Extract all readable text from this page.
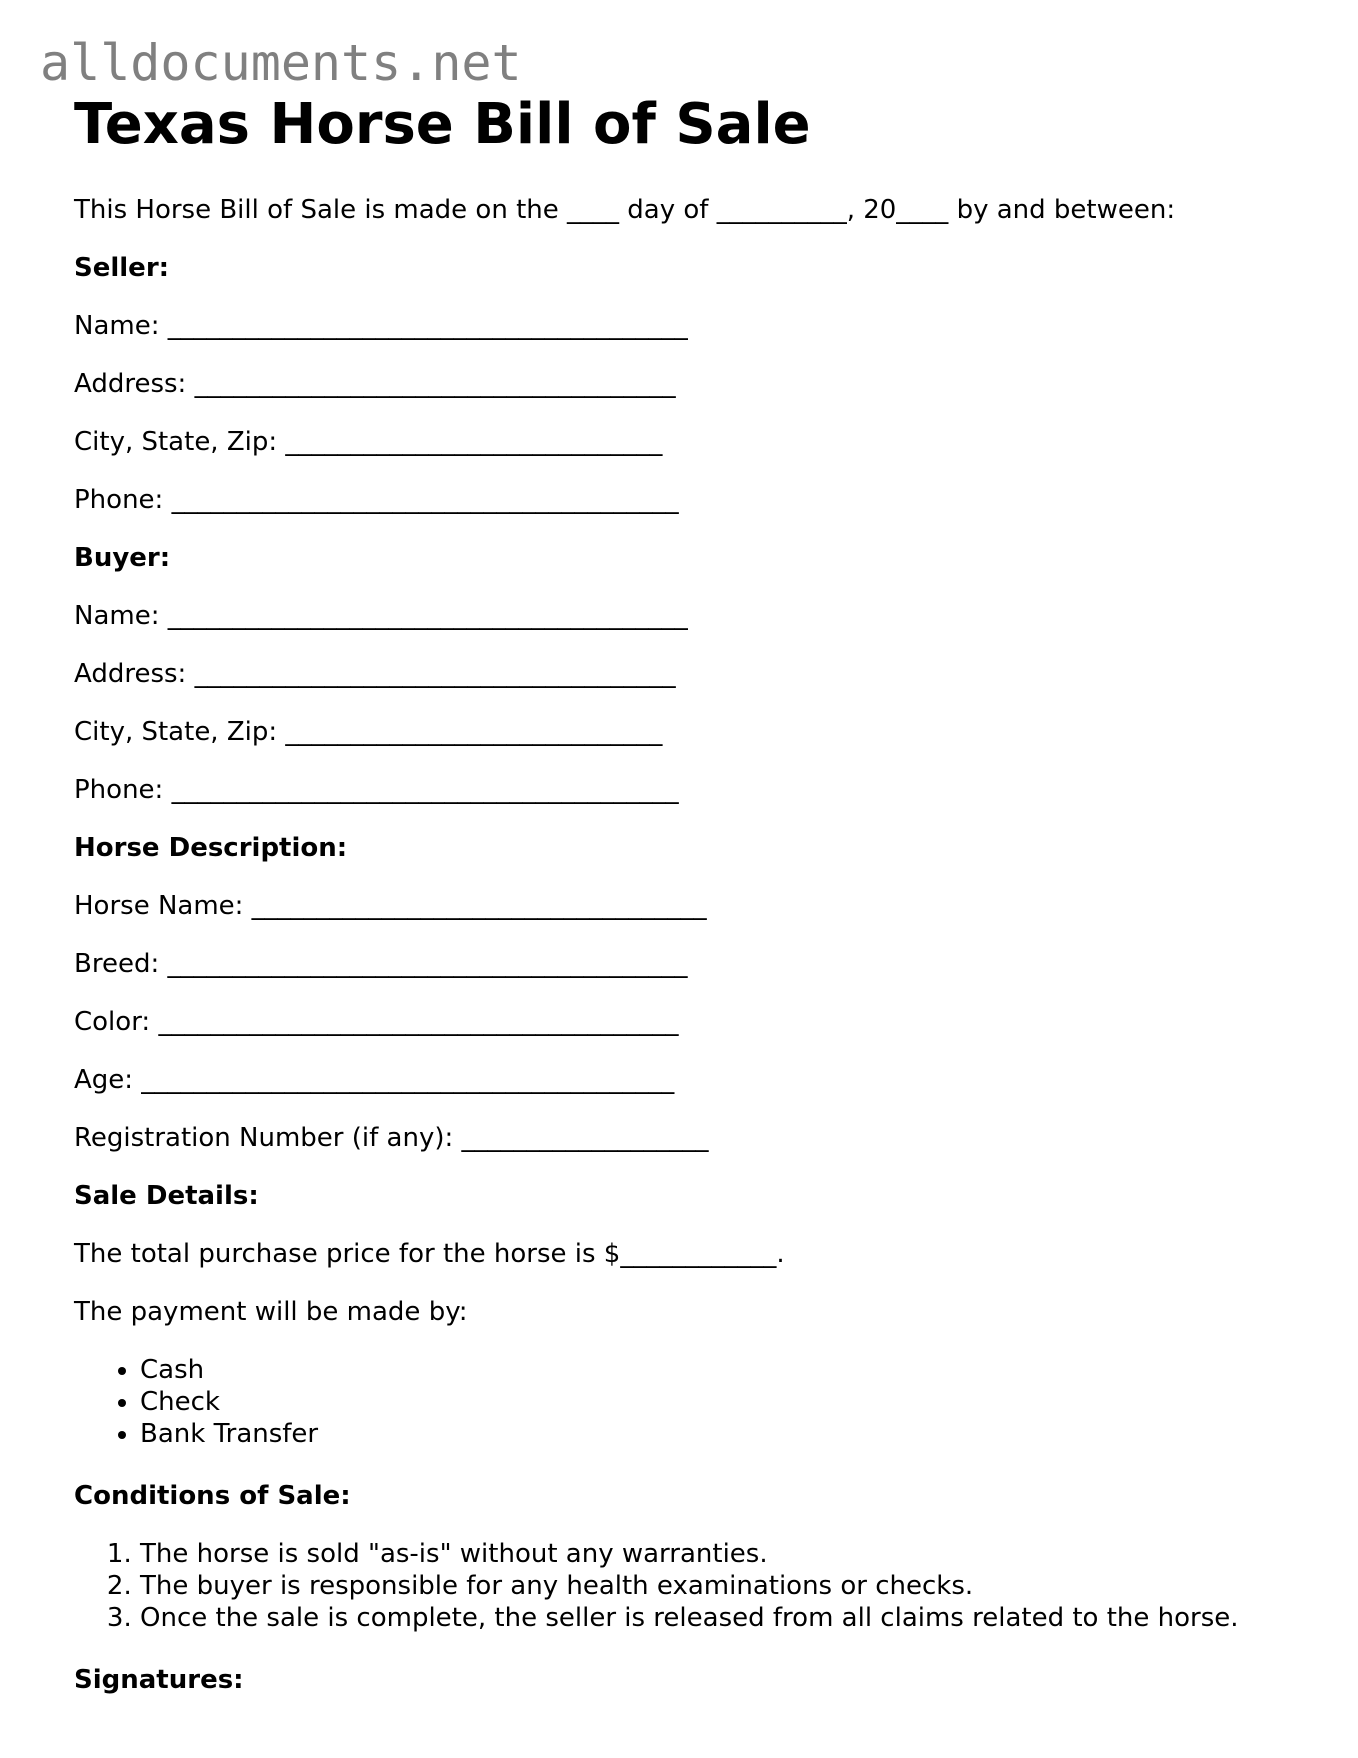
alldocuments.net
Texas Horse Bill of Sale

This Horse Bill of Sale is made on the ____ day of __________, 20____ by and between:

Seller:

Name: ________________________________________

Address: _____________________________________

City, State, Zip: _____________________________

Phone: _______________________________________

Buyer:

Name: ________________________________________

Address: _____________________________________

City, State, Zip: _____________________________

Phone: _______________________________________

Horse Description:

Horse Name: ___________________________________

Breed: ________________________________________

Color: ________________________________________

Age: _________________________________________

Registration Number (if any): ___________________

Sale Details:

The total purchase price for the horse is $____________.

The payment will be made by:

• Cash
• Check
• Bank Transfer

Conditions of Sale:

1. The horse is sold "as-is" without any warranties.
2. The buyer is responsible for any health examinations or checks.
3. Once the sale is complete, the seller is released from all claims related to the horse.

Signatures:
